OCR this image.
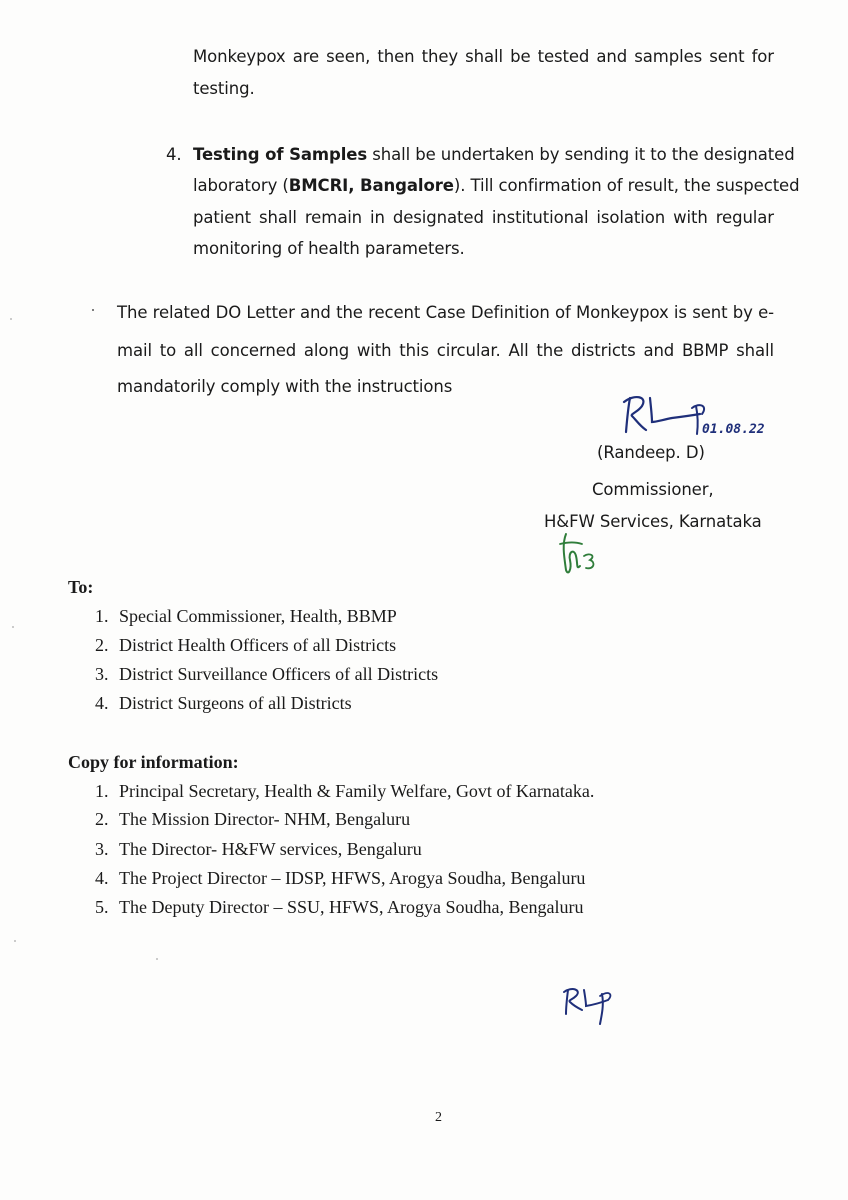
Monkeypox are seen, then they shall be tested and samples sent for
testing.
4. Testing of Samples shall be undertaken by sending it to the designated
laboratory (BMCRI, Bangalore). Till confirmation of result, the suspected
patient shall remain in designated institutional isolation with regular
monitoring of health parameters.
The related DO Letter and the recent Case Definition of Monkeypox is sent by e-
mail to all concerned along with this circular. All the districts and BBMP shall
mandatorily comply with the instructions
01.08.22
(Randeep. D)
Commissioner,
H&FW Services, Karnataka
To:
1. Special Commissioner, Health, BBMP
2. District Health Officers of all Districts
3. District Surveillance Officers of all Districts
4. District Surgeons of all Districts
Copy for information:
1. Principal Secretary, Health & Family Welfare, Govt of Karnataka.
2. The Mission Director- NHM, Bengaluru
3. The Director- H&FW services, Bengaluru
4. The Project Director – IDSP, HFWS, Arogya Soudha, Bengaluru
5. The Deputy Director – SSU, HFWS, Arogya Soudha, Bengaluru
2
